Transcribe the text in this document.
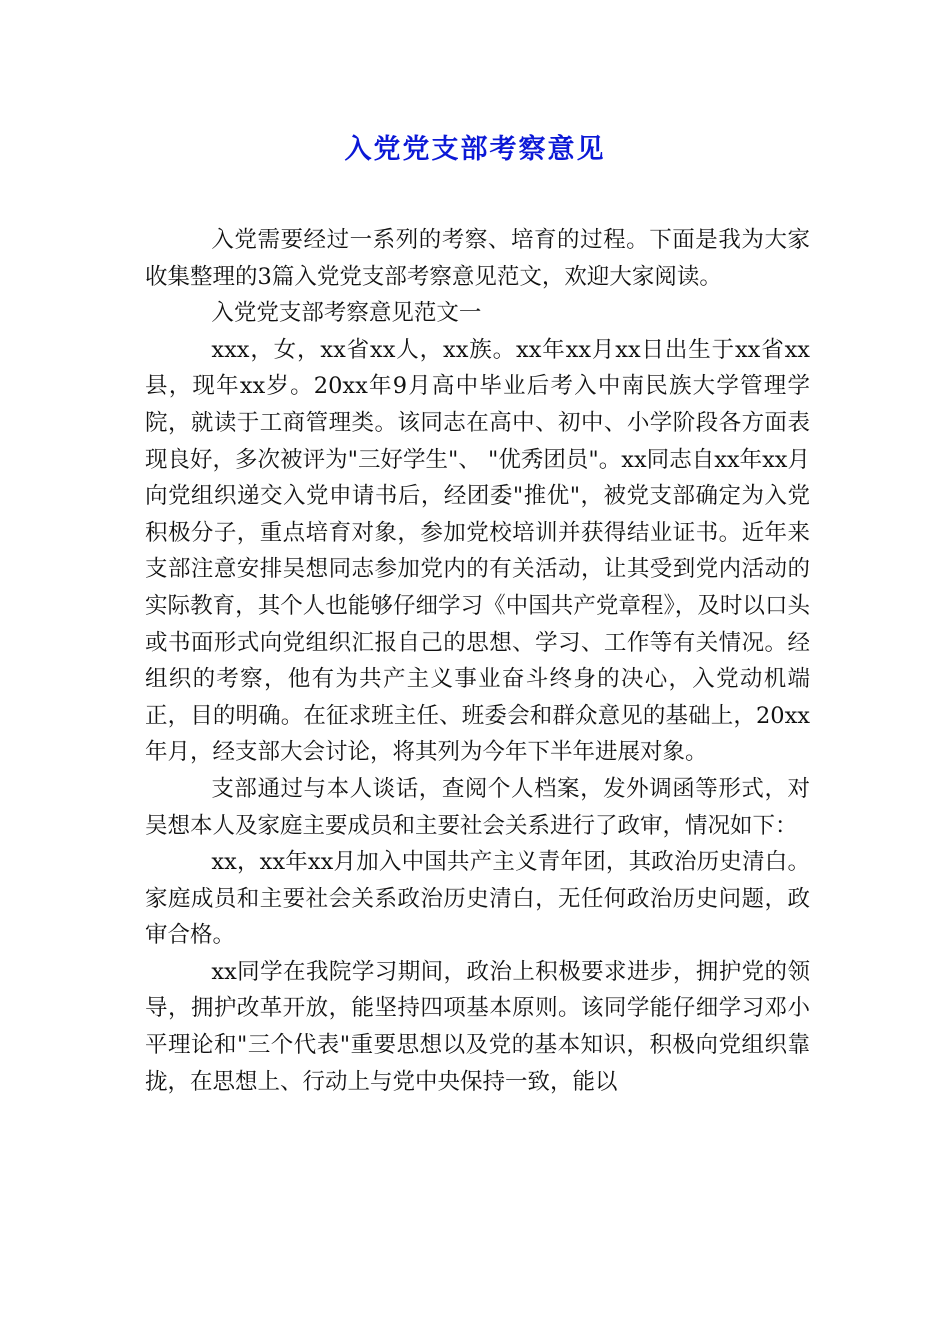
入党党支部考察意见

入党需要经过一系列的考察、培育的过程。下面是我为大家收集整理的3篇入党党支部考察意见范文，欢迎大家阅读。

入党党支部考察意见范文一

xxx，女，xx省xx人，xx族。xx年xx月xx日出生于xx省xx县，现年xx岁。20xx年9月高中毕业后考入中南民族大学管理学院，就读于工商管理类。该同志在高中、初中、小学阶段各方面表现良好，多次被评为"三好学生"、 "优秀团员"。xx同志自xx年xx月向党组织递交入党申请书后，经团委"推优"，被党支部确定为入党积极分子，重点培育对象，参加党校培训并获得结业证书。近年来支部注意安排吴想同志参加党内的有关活动，让其受到党内活动的实际教育，其个人也能够仔细学习《中国共产党章程》，及时以口头或书面形式向党组织汇报自己的思想、学习、工作等有关情况。经组织的考察，他有为共产主义事业奋斗终身的决心，入党动机端正，目的明确。在征求班主任、班委会和群众意见的基础上，20xx年月，经支部大会讨论，将其列为今年下半年进展对象。

支部通过与本人谈话，查阅个人档案，发外调函等形式，对吴想本人及家庭主要成员和主要社会关系进行了政审，情况如下：

xx，xx年xx月加入中国共产主义青年团，其政治历史清白。家庭成员和主要社会关系政治历史清白，无任何政治历史问题，政审合格。

xx同学在我院学习期间，政治上积极要求进步，拥护党的领导，拥护改革开放，能坚持四项基本原则。该同学能仔细学习邓小平理论和"三个代表"重要思想以及党的基本知识，积极向党组织靠拢，在思想上、行动上与党中央保持一致，能以
